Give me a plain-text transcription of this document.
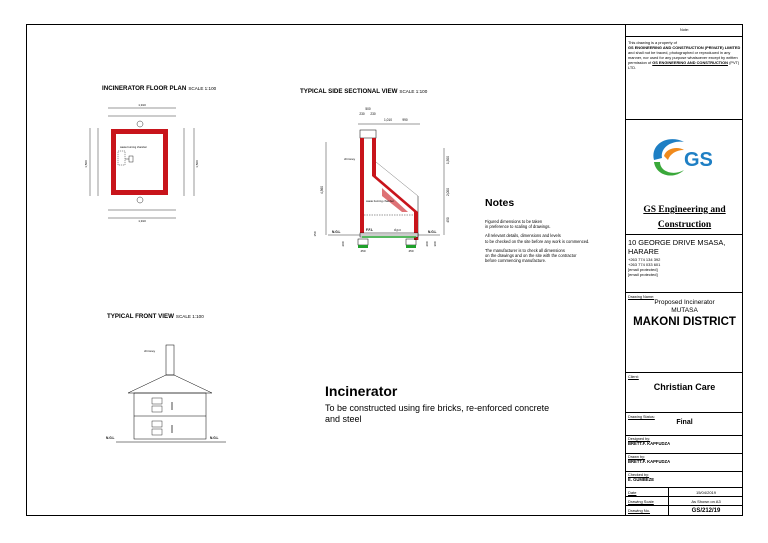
INCINERATOR FLOOR PLAN SCALE 1:100
1,910
waste burning chamber
1,500	1,500
1,910
TYPICAL SIDE SECTIONAL VIEW SCALE 1:100
500
230 230
1,010	990
chimney
waste burning chamber
F.F.L	d.p.c
N.G.L	N.G.L
450	450
4,360
150
200
1,500
2,000
450
200 300
Notes
Figured dimensions to be taken
in preference to scaling of drawings.
All relevant details, dimensions and levels
to be checked on the site before any work is commenced.
The manufacturer is to check all dimensions
on the drawings and on the site with the contractor
before commencing manufacture.
TYPICAL FRONT VIEW SCALE 1:100
chimney
N.G.L	N.G.L
Incinerator
To be constructed using fire bricks, re-enforced concrete
and steel
Note:
This drawing is a property of
GS ENGINEERING AND CONSTRUCTION (PRIVATE) LIMITED and shall not be traced, photographed or reproduced in any manner, nor used for any purpose whatsoever except by written permission of GS ENGINEERING AND CONSTRUCTION (PVT) LTD.
GS
GS Engineering and
Construction
10 GEORGE DRIVE MSASA,
HARARE
+263 774 134 392
+263 774 033 601
[email protected]
[email protected]
Drawing Name:
Proposed Incinerator
MUTASA
MAKONI DISTRICT
Client:
Christian Care
Drawing Status:
Final
Designed by:
BRETT.F. KAPFUDZA
Drawn by:
BRETT.F. KAPFUDZA
Checked by:
E. GUMBEZE
Date	15/04/2019
Drawing Scale	As Shown on A3
Drawing No.	GS/212/19
